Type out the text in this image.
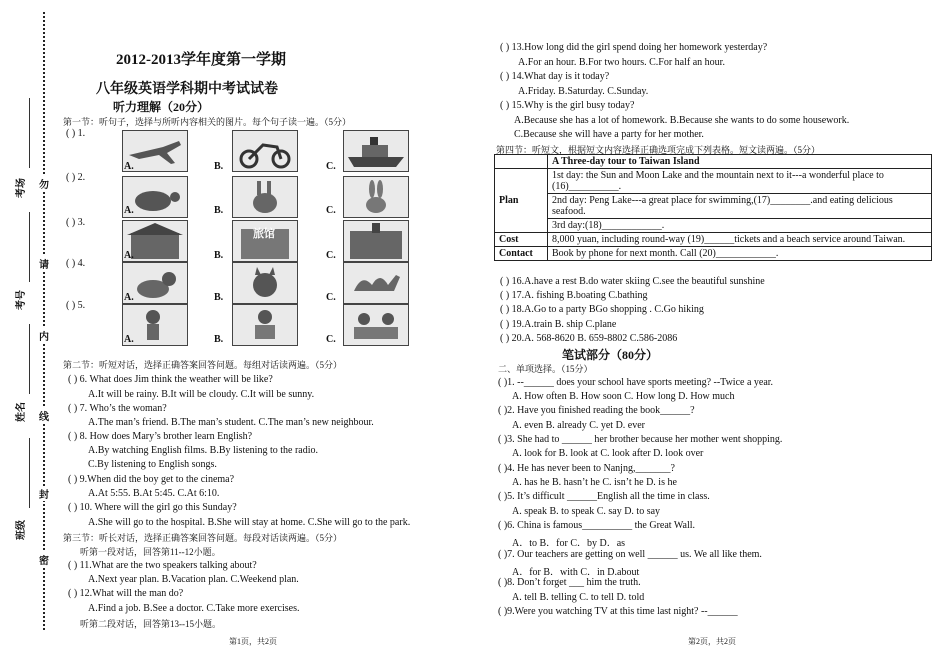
考场
考号
姓名
班级
勿
请
内
线
封
密
2012-2013学年度第一学期
八年级英语学科期中考试试卷
听力理解（20分）
第一节：听句子，选择与所听内容相关的图片。每个句子读一遍。（5分）
( ) 1.
A.	B.	C.
( ) 2.
A.	B.	C.
( ) 3.
旅馆
A.	B.	C.
( ) 4.
A.	B.	C.
( ) 5.
A.	B.	C.
第二节：听短对话，选择正确答案回答问题。每组对话读两遍。（5分）
( ) 6. What does Jim think the weather will be like?
A.It will be rainy. B.It will be cloudy. C.It will be sunny.
( ) 7. Who’s the woman?
A.The man’s friend. B.The man’s student. C.The man’s new neighbour.
( ) 8. How does Mary’s brother learn English?
A.By watching English films. B.By listening to the radio.
C.By listening to English songs.
( ) 9.When did the boy get to the cinema?
A.At 5:55. B.At 5:45. C.At 6:10.
( ) 10. Where will the girl go this Sunday?
A.She will go to the hospital. B.She will stay at home. C.She will go to the park.
第三节：听长对话，选择正确答案回答问题。每段对话读两遍。（5分）
听第一段对话，回答第11--12小题。
( ) 11.What are the two speakers talking about?
A.Next year plan. B.Vacation plan. C.Weekend plan.
( ) 12.What will the man do?
A.Find a job. B.See a doctor. C.Take more exercises.
听第二段对话，回答第13--15小题。
第1页，共2页
( ) 13.How long did the girl spend doing her homework yesterday?
A.For an hour. B.For two hours. C.For half an hour.
( ) 14.What day is it today?
A.Friday. B.Saturday. C.Sunday.
( ) 15.Why is the girl busy today?
A.Because she has a lot of homework. B.Because she wants to do some housework.
C.Because she will have a party for her mother.
第四节：听短文，根据短文内容选择正确选项完成下列表格。短文读两遍。（5分）
	A Three-day tour to Taiwan Island
Plan	1st day: the Sun and Moon Lake and the mountain next to it---a wonderful place to (16)__________.
	2nd day: Peng Lake---a great place for swimming,(17)________.and eating delicious seafood.
	3rd day:(18)____________.
Cost	8,000 yuan, including round-way (19)______tickets and a beach service around Taiwan.
Contact	Book by phone for next month. Call (20)____________.
( ) 16.A.have a rest B.do water skiing C.see the beautiful sunshine
( ) 17.A. fishing B.boating C.bathing
( ) 18.A.Go to a party BGo shopping . C.Go hiking
( ) 19.A.train B. ship C.plane
( ) 20.A. 568-8620 B. 659-8802 C.586-2086
笔试部分（80分）
二、单项选择。（15分）
( )1. --______ does your school have sports meeting? --Twice a year.
A. How often B. How soon C. How long D. How much
( )2. Have you finished reading the book______?
A. even B. already C. yet D. ever
( )3. She had to ______ her brother because her mother went shopping.
A. look for B. look at C. look after D. look over
( )4. He has never been to Nanjng,_______?
A. has he B. hasn’t he C. isn’t he D. is he
( )5. It’s difficult ______English all the time in class.
A. speak B. to speak C. say D. to say
( )6. China is famous__________ the Great Wall.
A．to B．for C．by D．as
( )7. Our teachers are getting on well ______ us. We all like them.
A．for B．with C．in D.about
( )8. Don’t forget ___ him the truth.
A. tell B. telling C. to tell D. told
( )9.Were you watching TV at this time last night? --______
第2页，共2页
